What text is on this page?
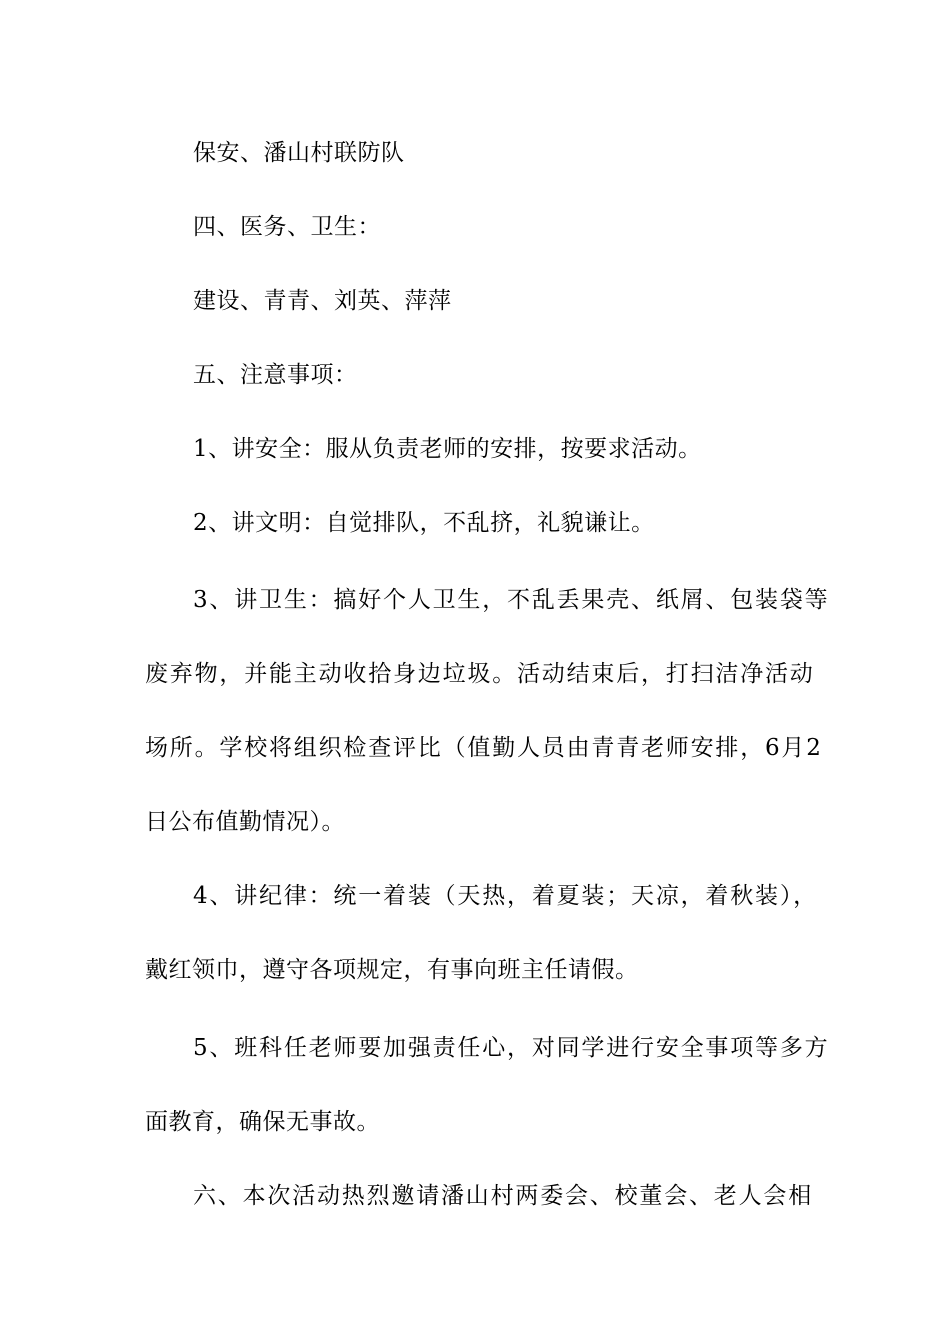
保安、潘山村联防队
四、医务、卫生：
建设、青青、刘英、萍萍
五、注意事项：
1、讲安全：服从负责老师的安排，按要求活动。
2、讲文明：自觉排队，不乱挤，礼貌谦让。
3、讲卫生：搞好个人卫生，不乱丢果壳、纸屑、包装袋等
废弃物，并能主动收拾身边垃圾。活动结束后，打扫洁净活动
场所。学校将组织检查评比（值勤人员由青青老师安排，6月2
日公布值勤情况）。
4、讲纪律：统一着装（天热，着夏装；天凉，着秋装），
戴红领巾，遵守各项规定，有事向班主任请假。
5、班科任老师要加强责任心，对同学进行安全事项等多方
面教育，确保无事故。
六、本次活动热烈邀请潘山村两委会、校董会、老人会相
